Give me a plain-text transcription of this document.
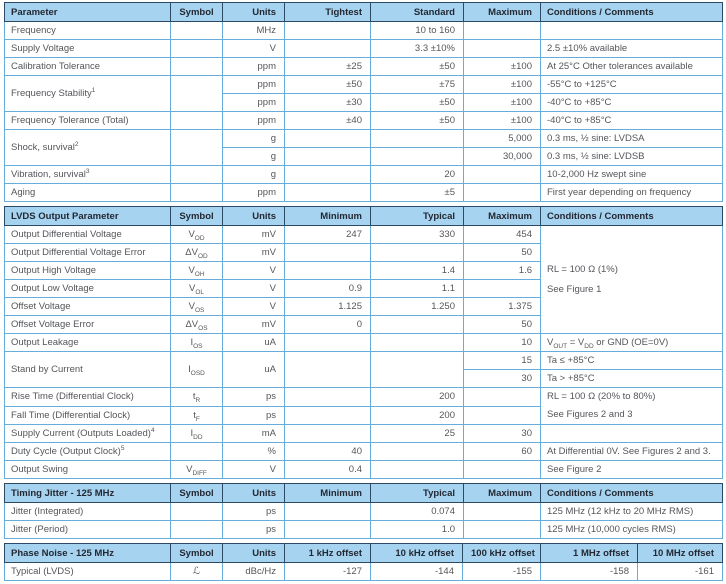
Parameter	Symbol	Units	Tightest	Standard	Maximum	Conditions / Comments
Frequency		MHz		10 to 160		
Supply Voltage		V		3.3 ±10%		2.5 ±10% available
Calibration Tolerance		ppm	±25	±50	±100	At 25°C Other tolerances available
Frequency Stability$^1$		ppm	±50	±75	±100	-55°C to +125°C
		ppm	±30	±50	±100	-40°C to +85°C
Frequency Tolerance (Total)		ppm	±40	±50	±100	-40°C to +85°C
Shock, survival$^2$		g			5,000	0.3 ms, ½ sine: LVDSA
		g			30,000	0.3 ms, ½ sine: LVDSB
Vibration, survival$^3$		g		20		10-2,000 Hz swept sine
Aging		ppm		±5		First year depending on frequency
LVDS Output Parameter	Symbol	Units	Minimum	Typical	Maximum	Conditions / Comments
Output Differential Voltage	$V_{OD}$	mV	247	330	454	RL = 100 Ω (1%)
See Figure 1

Output Differential Voltage Error	$\Delta V_{OD}$	mV			50	
Output High Voltage	$V_{OH}$	V		1.4	1.6	
Output Low Voltage	$V_{OL}$	V	0.9	1.1		
Offset Voltage	$V_{OS}$	V	1.125	1.250	1.375	
Offset Voltage Error	$\Delta V_{OS}$	mV	0		50	
Output Leakage	$I_{OS}$	uA			10	$V_{OUT} = V_{DD}$ or GND (OE=0V)
Stand by Current	$I_{OSD}$	uA			15	Ta ≤ +85°C
					30	Ta > +85°C
Rise Time (Differential Clock)	$t_R$	ps		200		RL = 100 Ω (20% to 80%)
See Figures 2 and 3

Fall Time (Differential Clock)	$t_F$	ps		200		
Supply Current (Outputs Loaded)$^4$	$I_{DD}$	mA		25	30	
Duty Cycle (Output Clock)$^5$		%	40		60	At Differential 0V. See Figures 2 and 3.
Output Swing	$V_{DIFF}$	V	0.4			See Figure 2
Timing Jitter - 125 MHz	Symbol	Units	Minimum	Typical	Maximum	Conditions / Comments
Jitter (Integrated)		ps		0.074		125 MHz (12 kHz to 20 MHz RMS)
Jitter (Period)		ps		1.0		125 MHz (10,000 cycles RMS)
Phase Noise - 125 MHz	Symbol	Units	1 kHz offset	10 kHz offset	100 kHz offset	1 MHz offset	10 MHz offset
Typical (LVDS)	ℒ	dBc/Hz	-127	-144	-155	-158	-161
